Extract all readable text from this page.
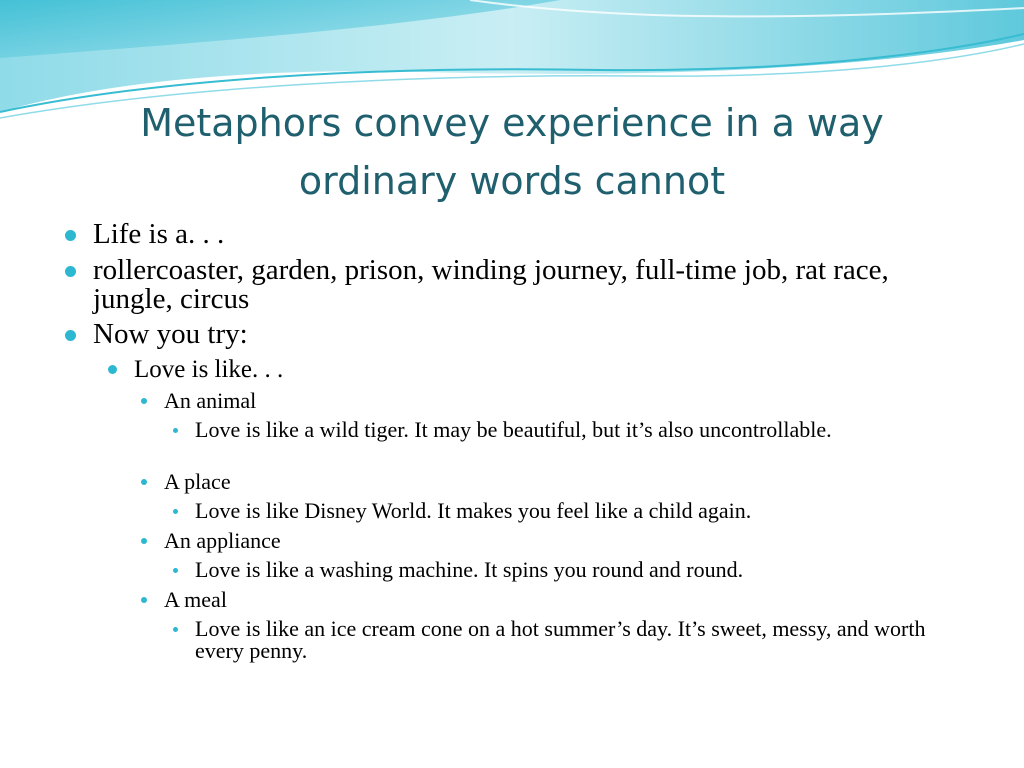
Metaphors convey experience in a way
ordinary words cannot
Life is a. . .
rollercoaster, garden, prison, winding journey, full-time job, rat race, jungle, circus
Now you try:
Love is like. . .
An animal
Love is like a wild tiger. It may be beautiful, but it’s also uncontrollable.
A place
Love is like Disney World. It makes you feel like a child again.
An appliance
Love is like a washing machine. It spins you round and round.
A meal
Love is like an ice cream cone on a hot summer’s day. It’s sweet, messy, and worth every penny.
